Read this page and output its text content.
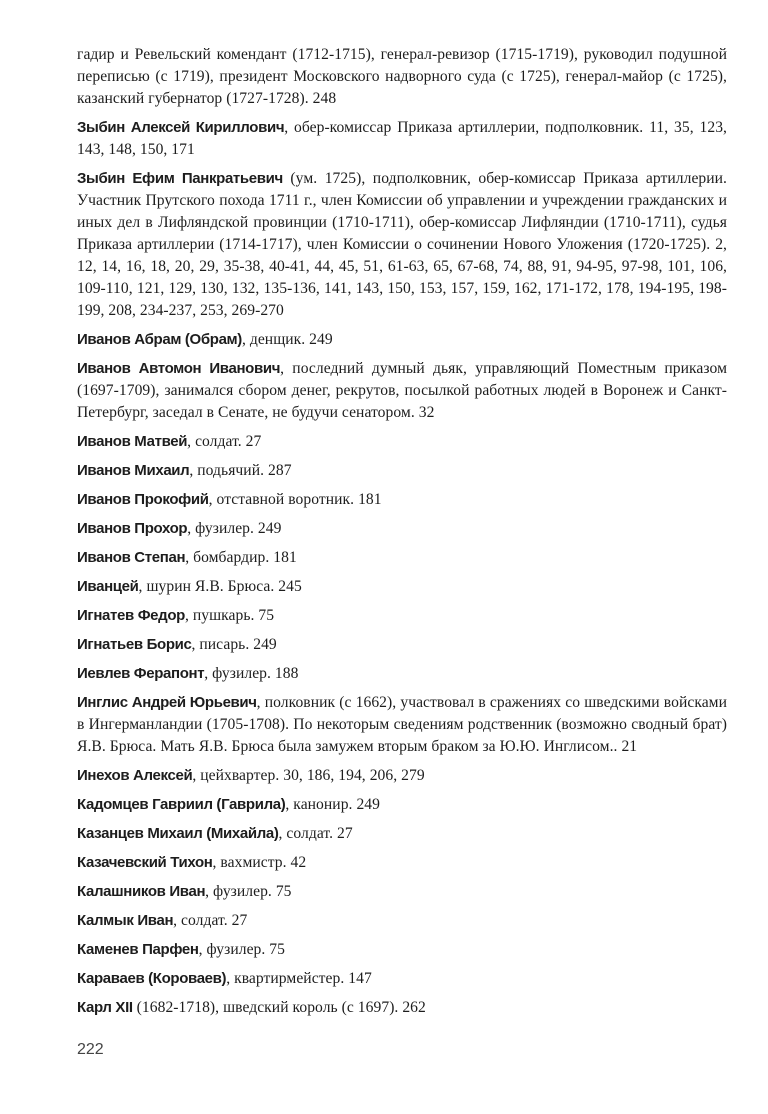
гадир и Ревельский комендант (1712-1715), генерал-ревизор (1715-1719), руководил подушной переписью (с 1719), президент Московского надворного суда (с 1725), генерал-майор (с 1725), казанский губернатор (1727-1728). 248

Зыбин Алексей Кириллович, обер-комиссар Приказа артиллерии, подполковник. 11, 35, 123, 143, 148, 150, 171

Зыбин Ефим Панкратьевич (ум. 1725), подполковник, обер-комиссар Приказа артиллерии. Участник Прутского похода 1711 г., член Комиссии об управлении и учреждении гражданских и иных дел в Лифляндской провинции (1710-1711), обер-комиссар Лифляндии (1710-1711), судья Приказа артиллерии (1714-1717), член Комиссии о сочинении Нового Уложения (1720-1725). 2, 12, 14, 16, 18, 20, 29, 35-38, 40-41, 44, 45, 51, 61-63, 65, 67-68, 74, 88, 91, 94-95, 97-98, 101, 106, 109-110, 121, 129, 130, 132, 135-136, 141, 143, 150, 153, 157, 159, 162, 171-172, 178, 194-195, 198- 199, 208, 234-237, 253, 269-270

Иванов Абрам (Обрам), денщик. 249

Иванов Автомон Иванович, последний думный дьяк, управляющий Поместным приказом (1697-1709), занимался сбором денег, рекрутов, посылкой работных людей в Воронеж и Санкт-Петербург, заседал в Сенате, не будучи сенатором. 32

Иванов Матвей, солдат. 27

Иванов Михаил, подьячий. 287

Иванов Прокофий, отставной воротник. 181

Иванов Прохор, фузилер. 249

Иванов Степан, бомбардир. 181

Иванцей, шурин Я.В. Брюса. 245

Игнатев Федор, пушкарь. 75

Игнатьев Борис, писарь. 249

Иевлев Ферапонт, фузилер. 188

Инглис Андрей Юрьевич, полковник (с 1662), участвовал в сражениях со шведскими войсками в Ингерманландии (1705-1708). По некоторым сведениям родственник (возможно сводный брат) Я.В. Брюса. Мать Я.В. Брюса была замужем вторым браком за Ю.Ю. Инглисом.. 21

Инехов Алексей, цейхвартер. 30, 186, 194, 206, 279

Кадомцев Гавриил (Гаврила), канонир. 249

Казанцев Михаил (Михайла), солдат. 27

Казачевский Тихон, вахмистр. 42

Калашников Иван, фузилер. 75

Калмык Иван, солдат. 27

Каменев Парфен, фузилер. 75

Караваев (Короваев), квартирмейстер. 147

Карл XII (1682-1718), шведский король (с 1697). 262

222
